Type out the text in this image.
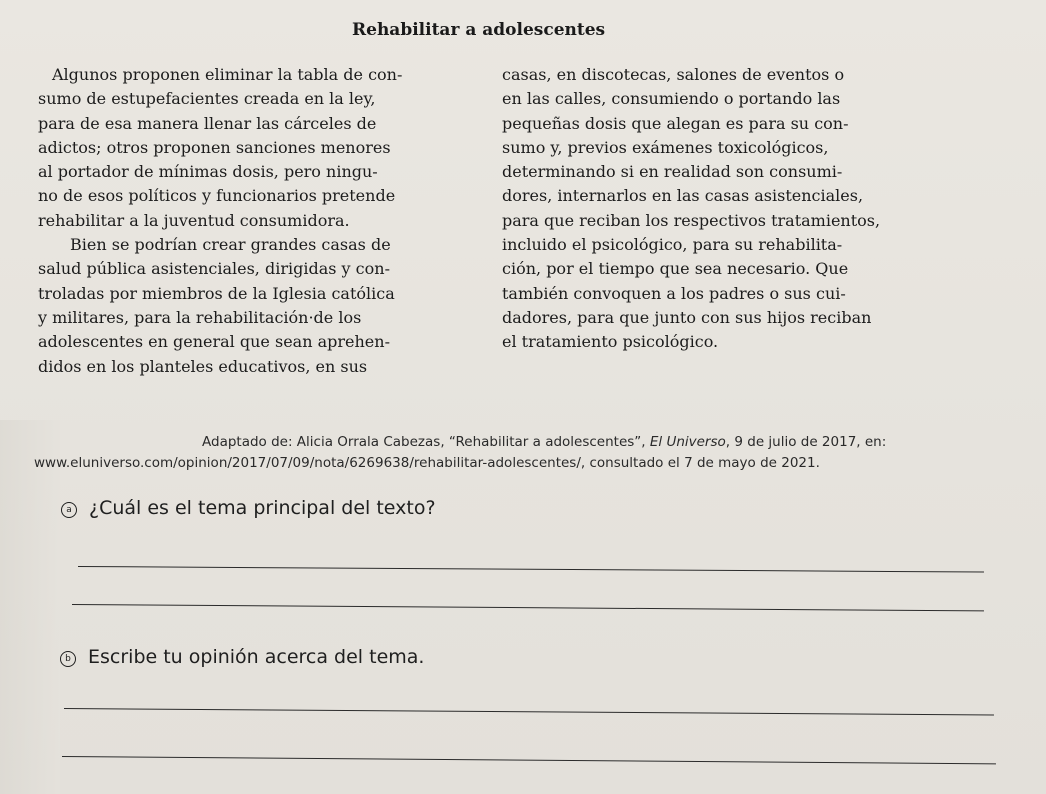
Rehabilitar a adolescentes
Algunos proponen eliminar la tabla de con-
sumo de estupefacientes creada en la ley,
para de esa manera llenar las cárceles de
adictos; otros proponen sanciones menores
al portador de mínimas dosis, pero ningu-
no de esos políticos y funcionarios pretende
rehabilitar a la juventud consumidora.
Bien se podrían crear grandes casas de
salud pública asistenciales, dirigidas y con-
troladas por miembros de la Iglesia católica
y militares, para la rehabilitación·de los
adolescentes en general que sean aprehen-
didos en los planteles educativos, en sus
casas, en discotecas, salones de eventos o
en las calles, consumiendo o portando las
pequeñas dosis que alegan es para su con-
sumo y, previos exámenes toxicológicos,
determinando si en realidad son consumi-
dores, internarlos en las casas asistenciales,
para que reciban los respectivos tratamientos,
incluido el psicológico, para su rehabilita-
ción, por el tiempo que sea necesario. Que
también convoquen a los padres o sus cui-
dadores, para que junto con sus hijos reciban
el tratamiento psicológico.
Adaptado de: Alicia Orrala Cabezas, “Rehabilitar a adolescentes”, El Universo, 9 de julio de 2017, en:
www.eluniverso.com/opinion/2017/07/09/nota/6269638/rehabilitar-adolescentes/, consultado el 7 de mayo de 2021.
a ¿Cuál es el tema principal del texto?
b Escribe tu opinión acerca del tema.
